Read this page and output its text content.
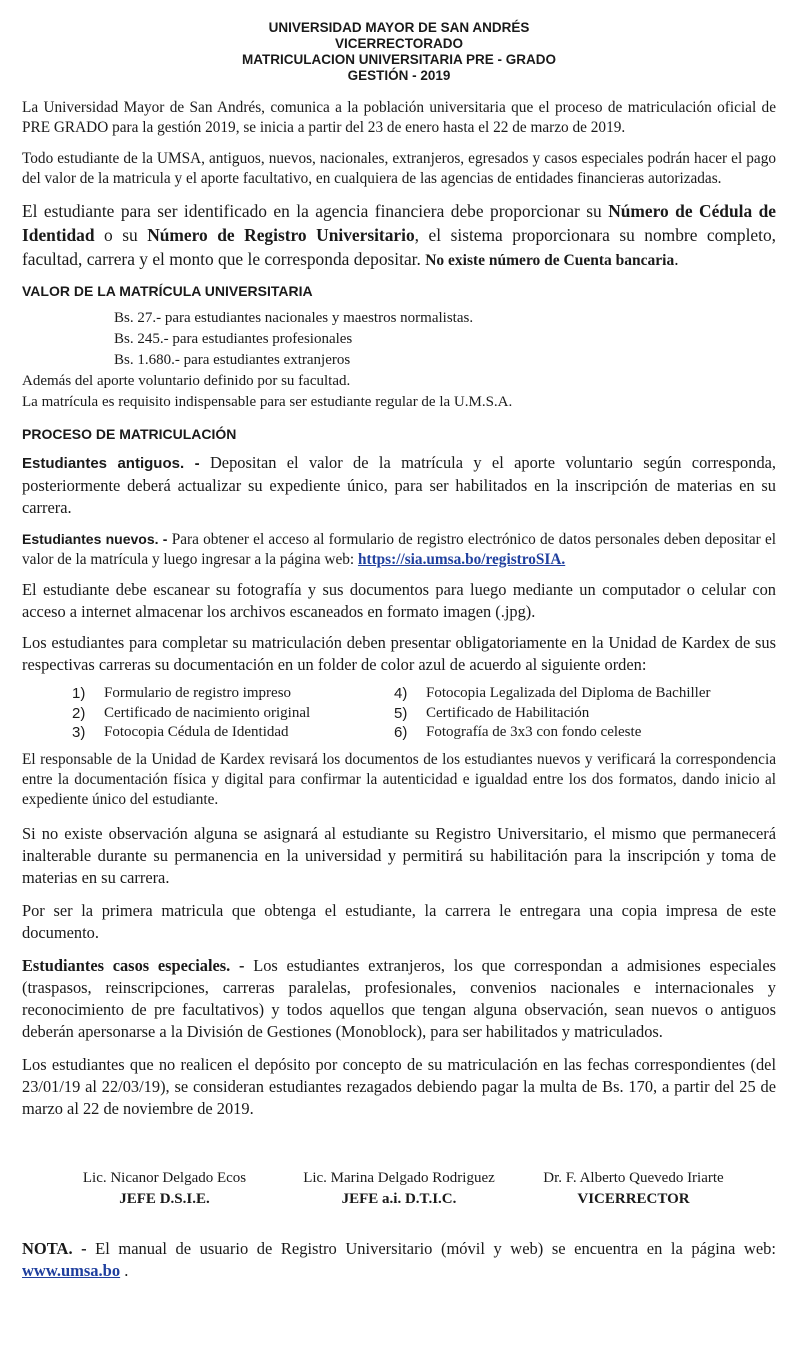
UNIVERSIDAD MAYOR DE SAN ANDRÉS
VICERRECTORADO
MATRICULACION UNIVERSITARIA PRE - GRADO
GESTIÓN - 2019

La Universidad Mayor de San Andrés, comunica a la población universitaria que el proceso de matriculación oficial de PRE GRADO para la gestión 2019, se inicia a partir del 23 de enero hasta el 22 de marzo de 2019.

Todo estudiante de la UMSA, antiguos, nuevos, nacionales, extranjeros, egresados y casos especiales podrán hacer el pago del valor de la matricula y el aporte facultativo, en cualquiera de las agencias de entidades financieras autorizadas.

El estudiante para ser identificado en la agencia financiera debe proporcionar su Número de Cédula de Identidad o su Número de Registro Universitario, el sistema proporcionara su nombre completo, facultad, carrera y el monto que le corresponda depositar. No existe número de Cuenta bancaria.

VALOR DE LA MATRÍCULA UNIVERSITARIA
Bs. 27.- para estudiantes nacionales y maestros normalistas.
Bs. 245.- para estudiantes profesionales
Bs. 1.680.- para estudiantes extranjeros
Además del aporte voluntario definido por su facultad.
La matrícula es requisito indispensable para ser estudiante regular de la U.M.S.A.
PROCESO DE MATRICULACIÓN

Estudiantes antiguos. - Depositan el valor de la matrícula y el aporte voluntario según corresponda, posteriormente deberá actualizar su expediente único, para ser habilitados en la inscripción de materias en su carrera.

Estudiantes nuevos. - Para obtener el acceso al formulario de registro electrónico de datos personales deben depositar el valor de la matrícula y luego ingresar a la página web: https://sia.umsa.bo/registroSIA.

El estudiante debe escanear su fotografía y sus documentos para luego mediante un computador o celular con acceso a internet almacenar los archivos escaneados en formato imagen (.jpg).

Los estudiantes para completar su matriculación deben presentar obligatoriamente en la Unidad de Kardex de sus respectivas carreras su documentación en un folder de color azul de acuerdo al siguiente orden:

1)	Formulario de registro impreso	4)	Fotocopia Legalizada del Diploma de Bachiller
2)	Certificado de nacimiento original	5)	Certificado de Habilitación
3)	Fotocopia Cédula de Identidad	6)	Fotografía de 3x3 con fondo celeste

El responsable de la Unidad de Kardex revisará los documentos de los estudiantes nuevos y verificará la correspondencia entre la documentación física y digital para confirmar la autenticidad e igualdad entre los dos formatos, dando inicio al expediente único del estudiante.

Si no existe observación alguna se asignará al estudiante su Registro Universitario, el mismo que permanecerá inalterable durante su permanencia en la universidad y permitirá su habilitación para la inscripción y toma de materias en su carrera.

Por ser la primera matricula que obtenga el estudiante, la carrera le entregara una copia impresa de este documento.

Estudiantes casos especiales. - Los estudiantes extranjeros, los que correspondan a admisiones especiales (traspasos, reinscripciones, carreras paralelas, profesionales, convenios nacionales e internacionales y reconocimiento de pre facultativos) y todos aquellos que tengan alguna observación, sean nuevos o antiguos deberán apersonarse a la División de Gestiones (Monoblock), para ser habilitados y matriculados.

Los estudiantes que no realicen el depósito por concepto de su matriculación en las fechas correspondientes (del 23/01/19 al 22/03/19), se consideran estudiantes rezagados debiendo pagar la multa de Bs. 170, a partir del 25 de marzo al 22 de noviembre de 2019.

Lic. Nicanor Delgado Ecos
JEFE D.S.I.E.
Lic. Marina Delgado Rodriguez
JEFE a.i. D.T.I.C.
Dr. F. Alberto Quevedo Iriarte
VICERRECTOR

NOTA. - El manual de usuario de Registro Universitario (móvil y web) se encuentra en la página web: www.umsa.bo .
